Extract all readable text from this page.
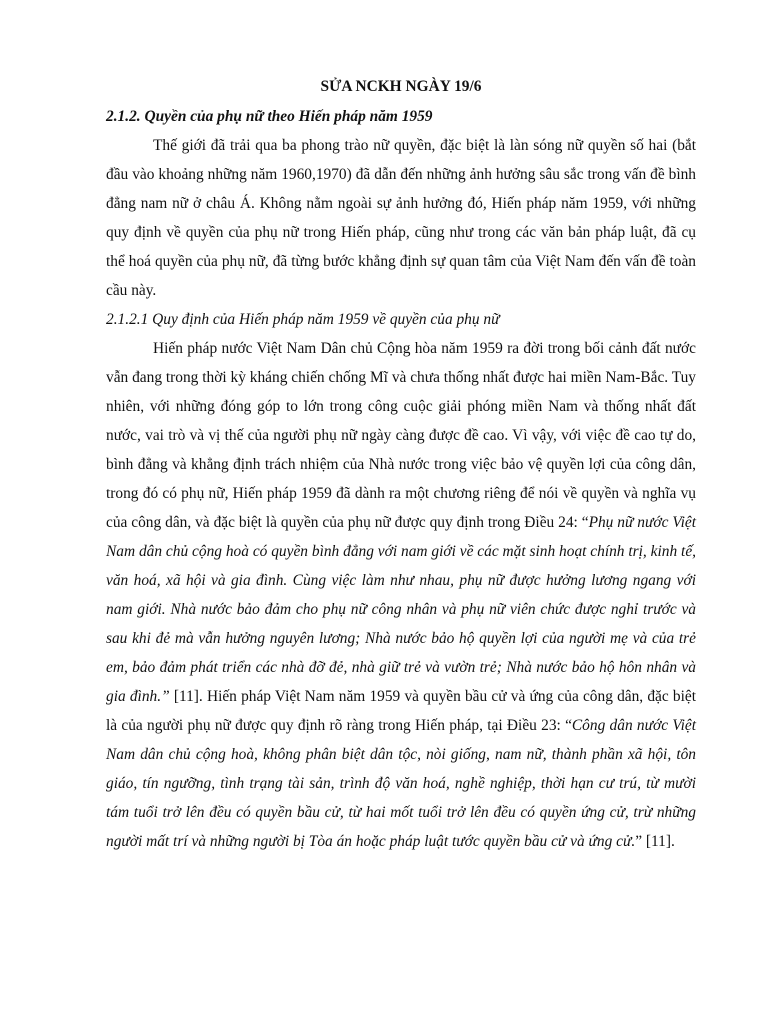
SỬA NCKH NGÀY 19/6

2.1.2. Quyền của phụ nữ theo Hiến pháp năm 1959

Thế giới đã trải qua ba phong trào nữ quyền, đặc biệt là làn sóng nữ quyền số hai (bắt đầu vào khoảng những năm 1960,1970) đã dẫn đến những ảnh hưởng sâu sắc trong vấn đề bình đẳng nam nữ ở châu Á. Không nằm ngoài sự ảnh hưởng đó, Hiến pháp năm 1959, với những quy định về quyền của phụ nữ trong Hiến pháp, cũng như trong các văn bản pháp luật, đã cụ thể hoá quyền của phụ nữ, đã từng bước khẳng định sự quan tâm của Việt Nam đến vấn đề toàn cầu này.

2.1.2.1 Quy định của Hiến pháp năm 1959 về quyền của phụ nữ

Hiến pháp nước Việt Nam Dân chủ Cộng hòa năm 1959 ra đời trong bối cảnh đất nước vẫn đang trong thời kỳ kháng chiến chống Mĩ và chưa thống nhất được hai miền Nam-Bắc. Tuy nhiên, với những đóng góp to lớn trong công cuộc giải phóng miền Nam và thống nhất đất nước, vai trò và vị thế của người phụ nữ ngày càng được đề cao. Vì vậy, với việc đề cao tự do, bình đẳng và khẳng định trách nhiệm của Nhà nước trong việc bảo vệ quyền lợi của công dân, trong đó có phụ nữ, Hiến pháp 1959 đã dành ra một chương riêng để nói về quyền và nghĩa vụ của công dân, và đặc biệt là quyền của phụ nữ được quy định trong Điều 24: “Phụ nữ nước Việt Nam dân chủ cộng hoà có quyền bình đẳng với nam giới về các mặt sinh hoạt chính trị, kinh tế, văn hoá, xã hội và gia đình. Cùng việc làm như nhau, phụ nữ được hưởng lương ngang với nam giới. Nhà nước bảo đảm cho phụ nữ công nhân và phụ nữ viên chức được nghỉ trước và sau khi đẻ mà vẫn hưởng nguyên lương; Nhà nước bảo hộ quyền lợi của người mẹ và của trẻ em, bảo đảm phát triển các nhà đỡ đẻ, nhà giữ trẻ và vườn trẻ; Nhà nước bảo hộ hôn nhân và gia đình.” [11]. Hiến pháp Việt Nam năm 1959 và quyền bầu cử và ứng của công dân, đặc biệt là của người phụ nữ được quy định rõ ràng trong Hiến pháp, tại Điều 23: “Công dân nước Việt Nam dân chủ cộng hoà, không phân biệt dân tộc, nòi giống, nam nữ, thành phần xã hội, tôn giáo, tín ngưỡng, tình trạng tài sản, trình độ văn hoá, nghề nghiệp, thời hạn cư trú, từ mười tám tuổi trở lên đều có quyền bầu cử, từ hai mốt tuổi trở lên đều có quyền ứng cử, trừ những người mất trí và những người bị Tòa án hoặc pháp luật tước quyền bầu cử và ứng cử.” [11].
